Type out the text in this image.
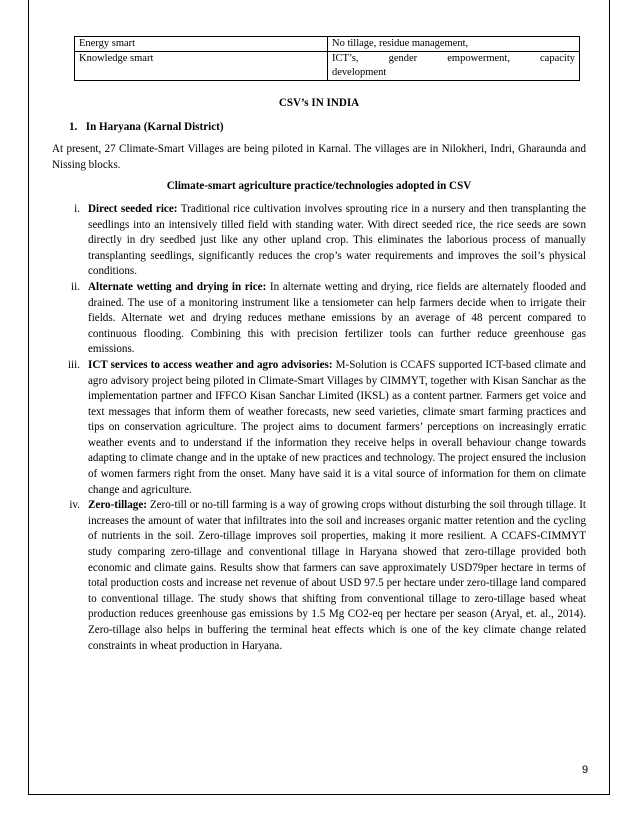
Energy smart	No tillage, residue management,
Knowledge smart	ICT’s, gender empowerment, capacity
development
CSV’s IN INDIA
1. In Haryana (Karnal District)

At present, 27 Climate-Smart Villages are being piloted in Karnal. The villages are in Nilokheri, Indri, Gharaunda and Nissing blocks.

Climate-smart agriculture practice/technologies adopted in CSV
i. Direct seeded rice: Traditional rice cultivation involves sprouting rice in a nursery and then transplanting the seedlings into an intensively tilled field with standing water. With direct seeded rice, the rice seeds are sown directly in dry seedbed just like any other upland crop. This eliminates the laborious process of manually transplanting seedlings, significantly reduces the crop’s water requirements and improves the soil’s physical conditions.
ii. Alternate wetting and drying in rice: In alternate wetting and drying, rice fields are alternately flooded and drained. The use of a monitoring instrument like a tensiometer can help farmers decide when to irrigate their fields. Alternate wet and drying reduces methane emissions by an average of 48 percent compared to continuous flooding. Combining this with precision fertilizer tools can further reduce greenhouse gas emissions.
iii. ICT services to access weather and agro advisories: M-Solution is CCAFS supported ICT-based climate and agro advisory project being piloted in Climate-Smart Villages by CIMMYT, together with Kisan Sanchar as the implementation partner and IFFCO Kisan Sanchar Limited (IKSL) as a content partner. Farmers get voice and text messages that inform them of weather forecasts, new seed varieties, climate smart farming practices and tips on conservation agriculture. The project aims to document farmers’ perceptions on increasingly erratic weather events and to understand if the information they receive helps in overall behaviour change towards adapting to climate change and in the uptake of new practices and technology. The project ensured the inclusion of women farmers right from the onset. Many have said it is a vital source of information for them on climate change and agriculture.
iv. Zero-tillage: Zero-till or no-till farming is a way of growing crops without disturbing the soil through tillage. It increases the amount of water that infiltrates into the soil and increases organic matter retention and the cycling of nutrients in the soil. Zero-tillage improves soil properties, making it more resilient. A CCAFS-CIMMYT study comparing zero-tillage and conventional tillage in Haryana showed that zero-tillage provided both economic and climate gains. Results show that farmers can save approximately USD79per hectare in terms of total production costs and increase net revenue of about USD 97.5 per hectare under zero-tillage land compared to conventional tillage. The study shows that shifting from conventional tillage to zero-tillage based wheat production reduces greenhouse gas emissions by 1.5 Mg CO2-eq per hectare per season (Aryal, et. al., 2014). Zero-tillage also helps in buffering the terminal heat effects which is one of the key climate change related constraints in wheat production in Haryana.
9
